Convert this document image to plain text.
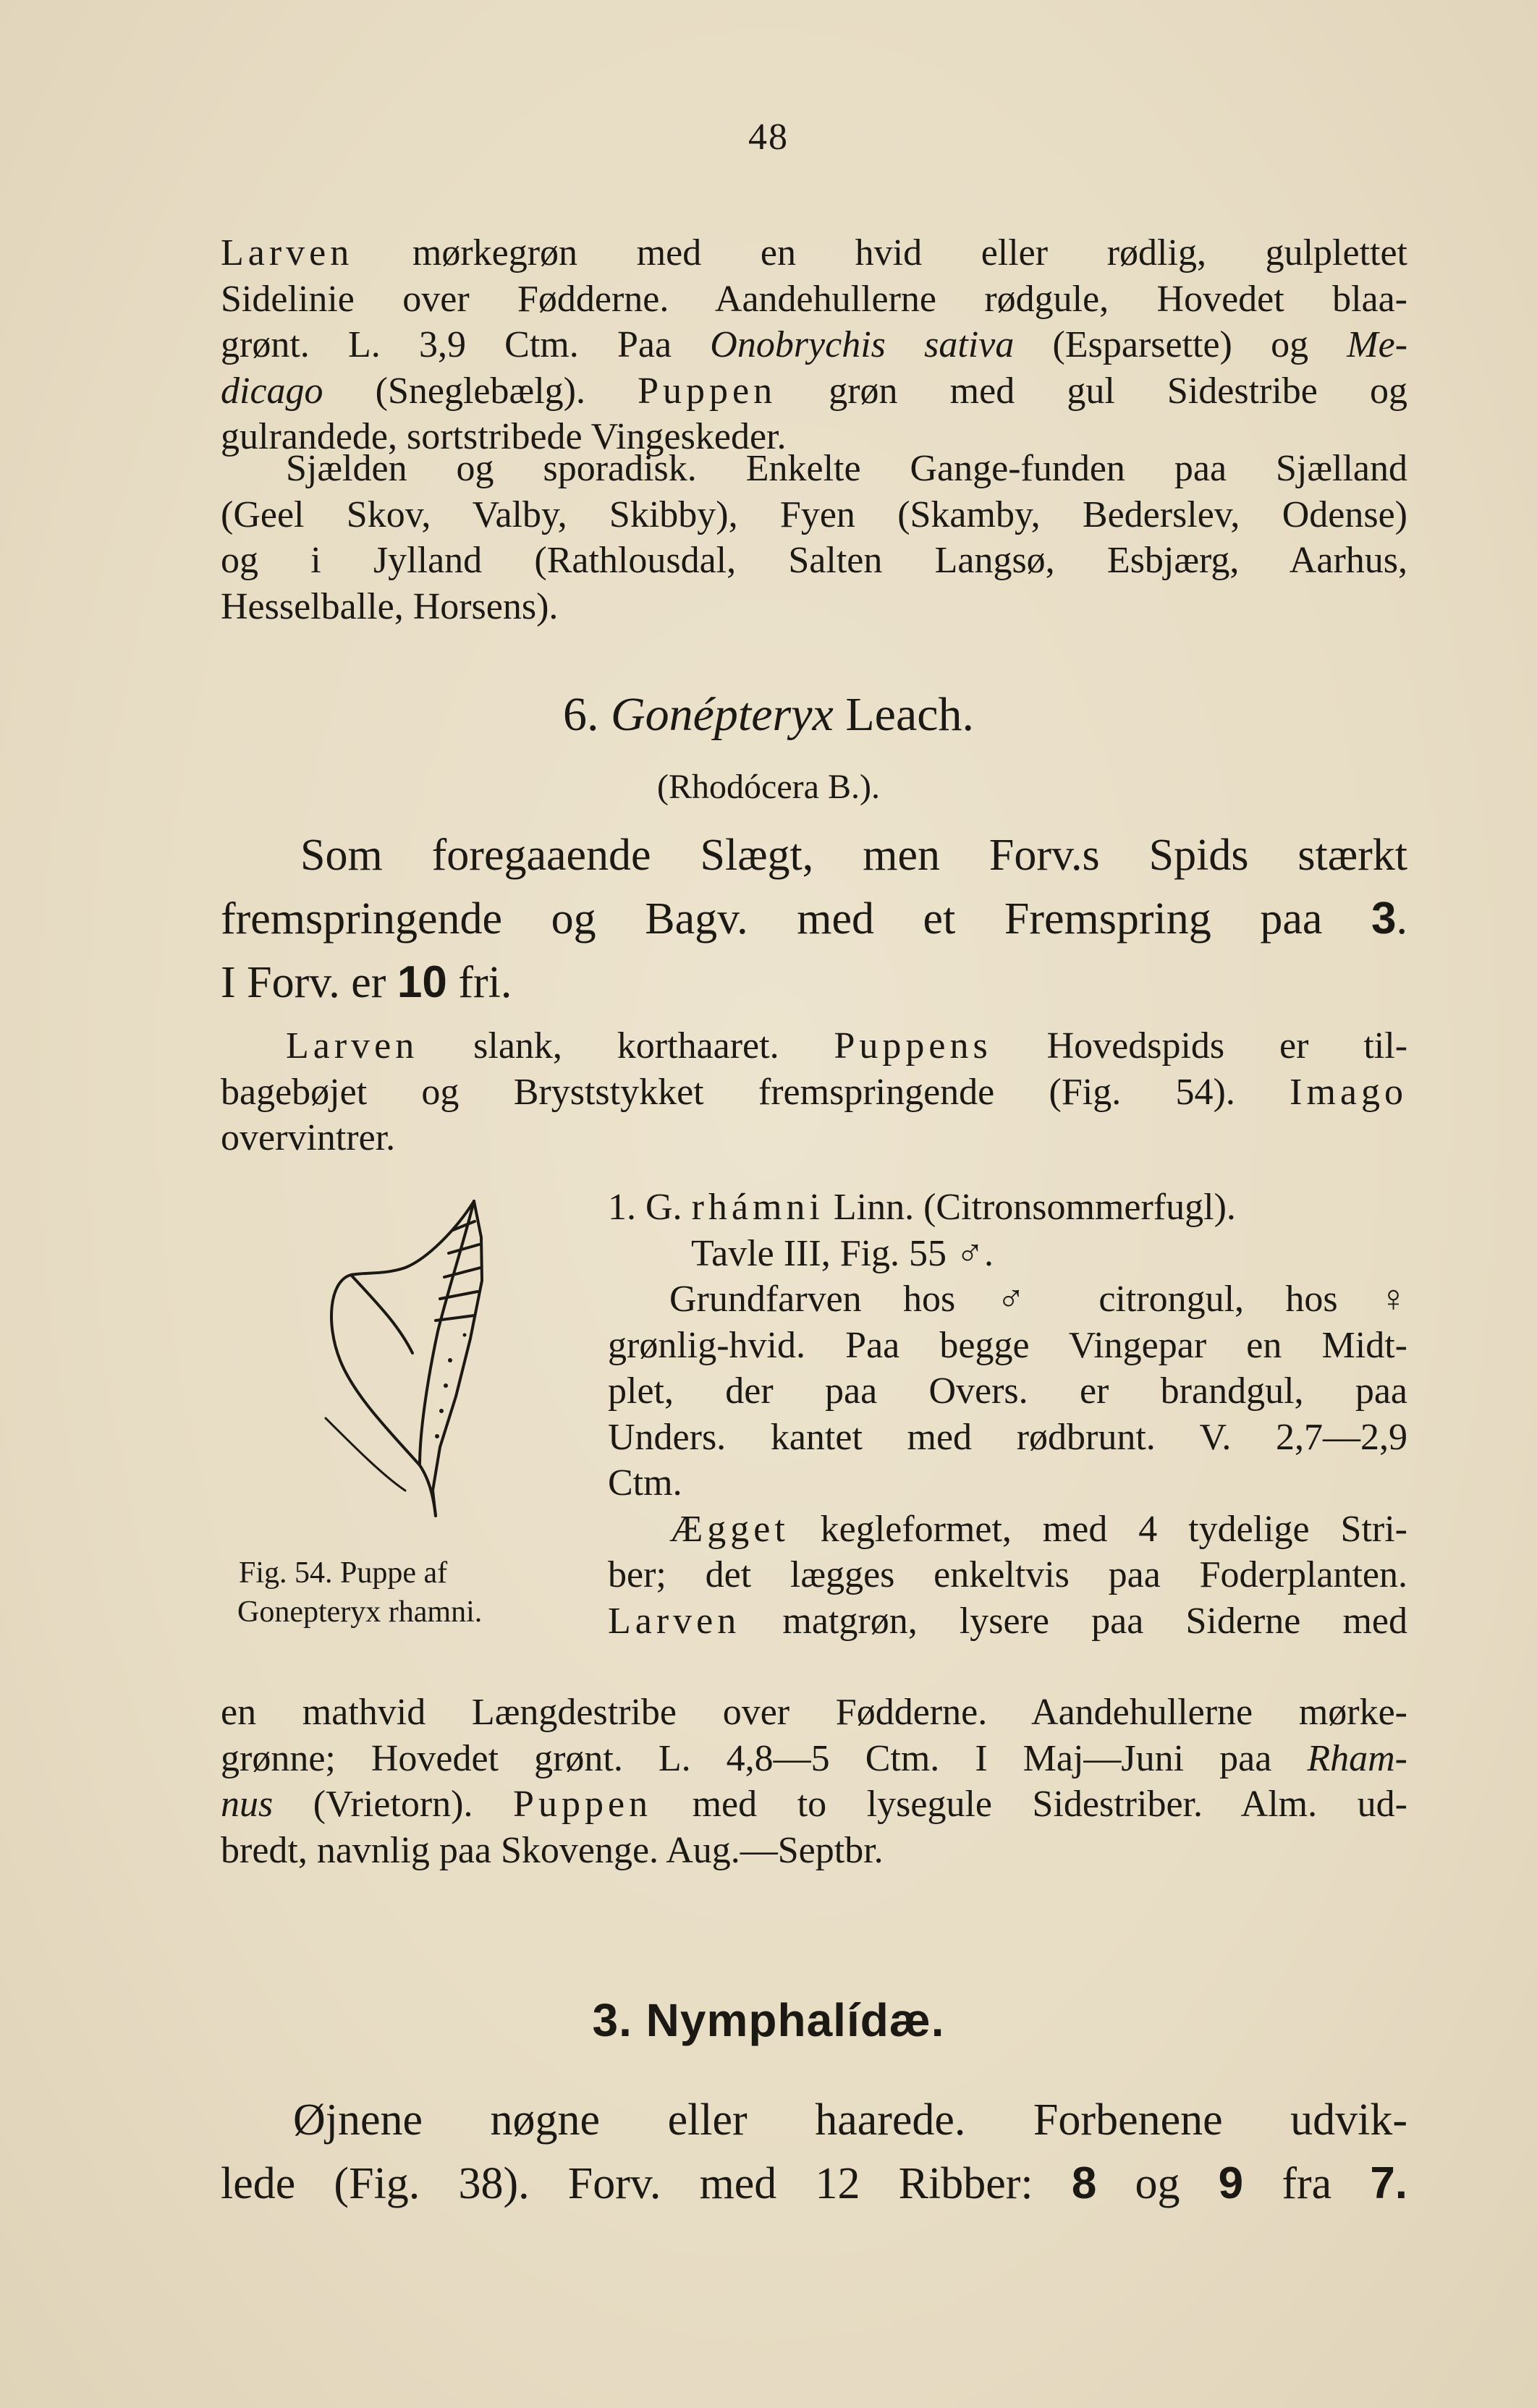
48
Larven mørkegrøn med en hvid eller rødlig, gulplettet
Sidelinie over Fødderne. Aandehullerne rødgule, Hovedet blaa-
grønt. L. 3,9 Ctm. Paa Onobrychis sativa (Esparsette) og Me-
dicago (Sneglebælg). Puppen grøn med gul Sidestribe og
gulrandede, sortstribede Vingeskeder.
Sjælden og sporadisk. Enkelte Gange-funden paa Sjælland
(Geel Skov, Valby, Skibby), Fyen (Skamby, Bederslev, Odense)
og i Jylland (Rathlousdal, Salten Langsø, Esbjærg, Aarhus,
Hesselballe, Horsens).
6. Gonépteryx Leach.
(Rhodócera B.).
Som foregaaende Slægt, men Forv.s Spids stærkt
fremspringende og Bagv. med et Fremspring paa 3.
I Forv. er 10 fri.
Larven slank, korthaaret. Puppens Hovedspids er til-
bagebøjet og Bryststykket fremspringende (Fig. 54). Imago
overvintrer.
Fig. 54. Puppe af
Gonepteryx rhamni.
1. G. rhámni Linn. (Citronsommerfugl).
Tavle III, Fig. 55 ♂.
Grundfarven hos ♂ citrongul, hos ♀
grønlig-hvid. Paa begge Vingepar en Midt-
plet, der paa Overs. er brandgul, paa
Unders. kantet med rødbrunt. V. 2,7—2,9
Ctm.
Ægget kegleformet, med 4 tydelige Stri-
ber; det lægges enkeltvis paa Foderplanten.
Larven matgrøn, lysere paa Siderne med
en mathvid Længdestribe over Fødderne. Aandehullerne mørke-
grønne; Hovedet grønt. L. 4,8—5 Ctm. I Maj—Juni paa Rham-
nus (Vrietorn). Puppen med to lysegule Sidestriber. Alm. ud-
bredt, navnlig paa Skovenge. Aug.—Septbr.
3. Nymphalídæ.
Øjnene nøgne eller haarede. Forbenene udvik-
lede (Fig. 38). Forv. med 12 Ribber: 8 og 9 fra 7.
